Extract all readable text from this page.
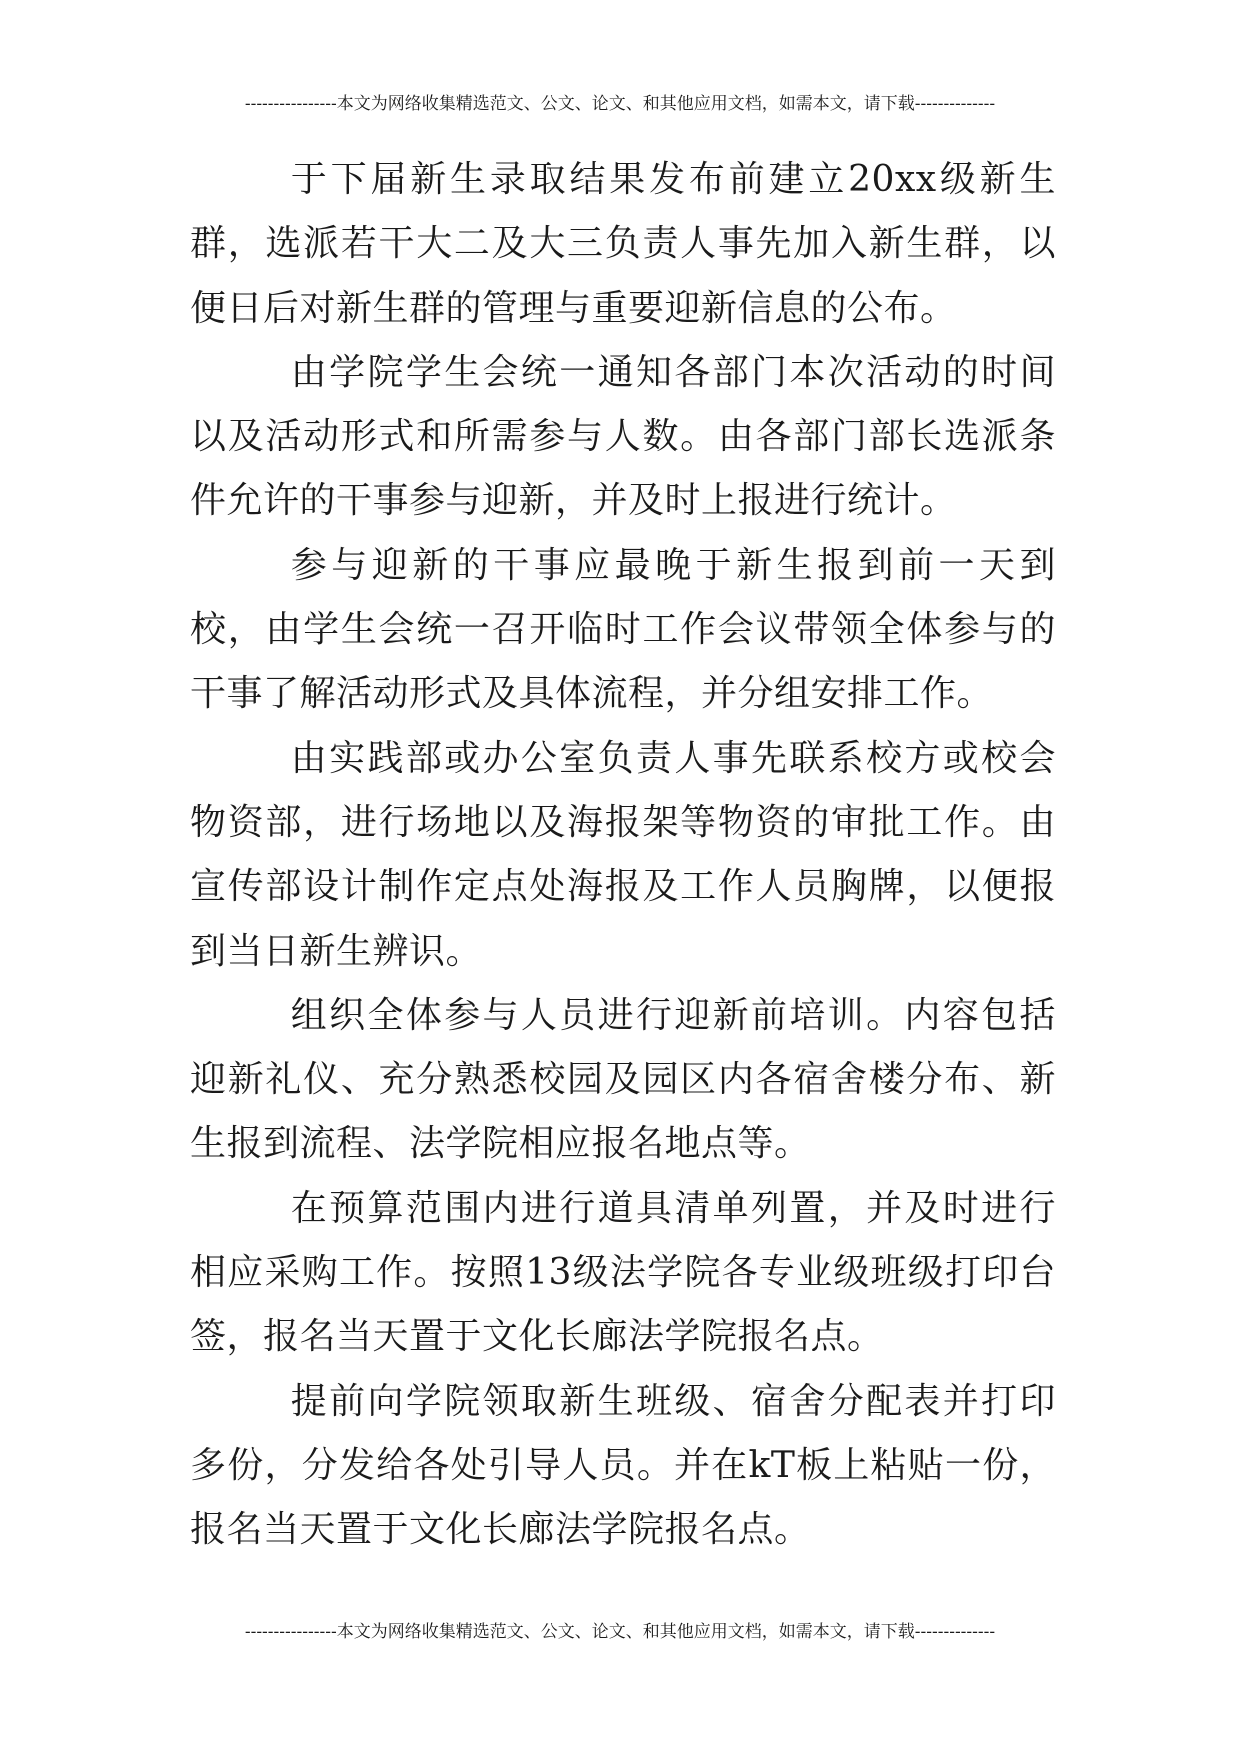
----------------本文为网络收集精选范文、公文、论文、和其他应用文档，如需本文，请下载--------------

于下届新生录取结果发布前建立20xx级新生群，选派若干大二及大三负责人事先加入新生群，以便日后对新生群的管理与重要迎新信息的公布。

由学院学生会统一通知各部门本次活动的时间以及活动形式和所需参与人数。由各部门部长选派条件允许的干事参与迎新，并及时上报进行统计。

参与迎新的干事应最晚于新生报到前一天到校，由学生会统一召开临时工作会议带领全体参与的干事了解活动形式及具体流程，并分组安排工作。

由实践部或办公室负责人事先联系校方或校会物资部，进行场地以及海报架等物资的审批工作。由宣传部设计制作定点处海报及工作人员胸牌，以便报到当日新生辨识。

组织全体参与人员进行迎新前培训。内容包括迎新礼仪、充分熟悉校园及园区内各宿舍楼分布、新生报到流程、法学院相应报名地点等。

在预算范围内进行道具清单列置，并及时进行相应采购工作。按照13级法学院各专业级班级打印台签，报名当天置于文化长廊法学院报名点。

提前向学院领取新生班级、宿舍分配表并打印多份，分发给各处引导人员。并在kT板上粘贴一份，报名当天置于文化长廊法学院报名点。

----------------本文为网络收集精选范文、公文、论文、和其他应用文档，如需本文，请下载--------------
